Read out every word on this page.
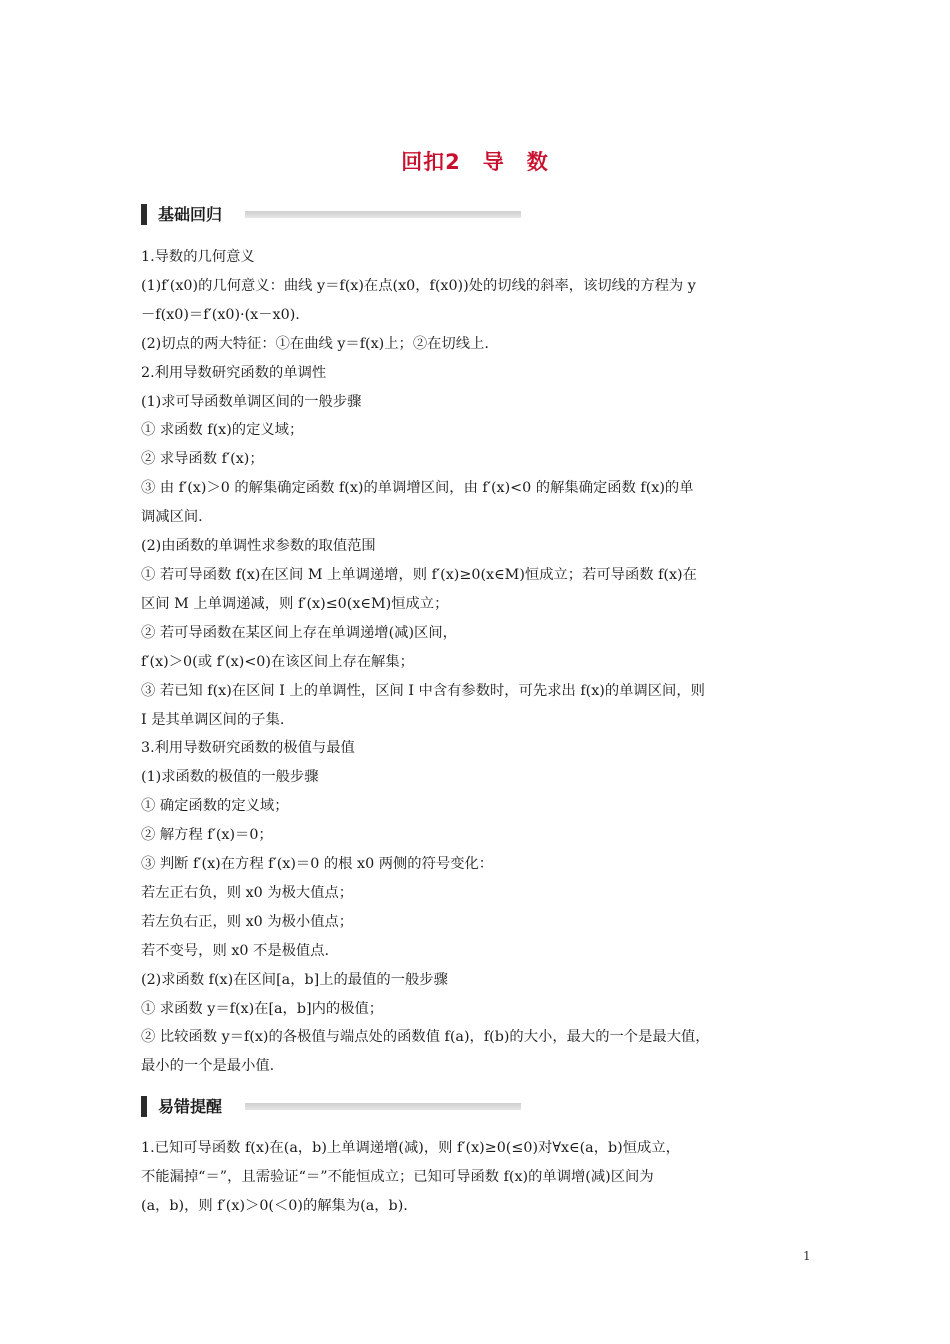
回扣2　导　数
基础回归

1.导数的几何意义

(1)f′(x0)的几何意义：曲线 y＝f(x)在点(x0，f(x0))处的切线的斜率，该切线的方程为 y

－f(x0)＝f′(x0)·(x－x0).

(2)切点的两大特征：①在曲线 y＝f(x)上；②在切线上.

2.利用导数研究函数的单调性

(1)求可导函数单调区间的一般步骤

① 求函数 f(x)的定义域；

② 求导函数 f′(x)；

③ 由 f′(x)＞0 的解集确定函数 f(x)的单调增区间，由 f′(x)<0 的解集确定函数 f(x)的单

调减区间.

(2)由函数的单调性求参数的取值范围

① 若可导函数 f(x)在区间 M 上单调递增，则 f′(x)≥0(x∈M)恒成立；若可导函数 f(x)在

区间 M 上单调递减，则 f′(x)≤0(x∈M)恒成立；

② 若可导函数在某区间上存在单调递增(减)区间，

f′(x)＞0(或 f′(x)<0)在该区间上存在解集；

③ 若已知 f(x)在区间 I 上的单调性，区间 I 中含有参数时，可先求出 f(x)的单调区间，则

I 是其单调区间的子集.

3.利用导数研究函数的极值与最值

(1)求函数的极值的一般步骤

① 确定函数的定义域；

② 解方程 f′(x)＝0；

③ 判断 f′(x)在方程 f′(x)＝0 的根 x0 两侧的符号变化：

若左正右负，则 x0 为极大值点；

若左负右正，则 x0 为极小值点；

若不变号，则 x0 不是极值点.

(2)求函数 f(x)在区间[a，b]上的最值的一般步骤

① 求函数 y＝f(x)在[a，b]内的极值；

② 比较函数 y＝f(x)的各极值与端点处的函数值 f(a)，f(b)的大小，最大的一个是最大值，

最小的一个是最小值.

易错提醒

1.已知可导函数 f(x)在(a，b)上单调递增(减)，则 f′(x)≥0(≤0)对∀x∈(a，b)恒成立，

不能漏掉“＝”，且需验证“＝”不能恒成立；已知可导函数 f(x)的单调增(减)区间为

(a，b)，则 f′(x)＞0(＜0)的解集为(a，b).

1
